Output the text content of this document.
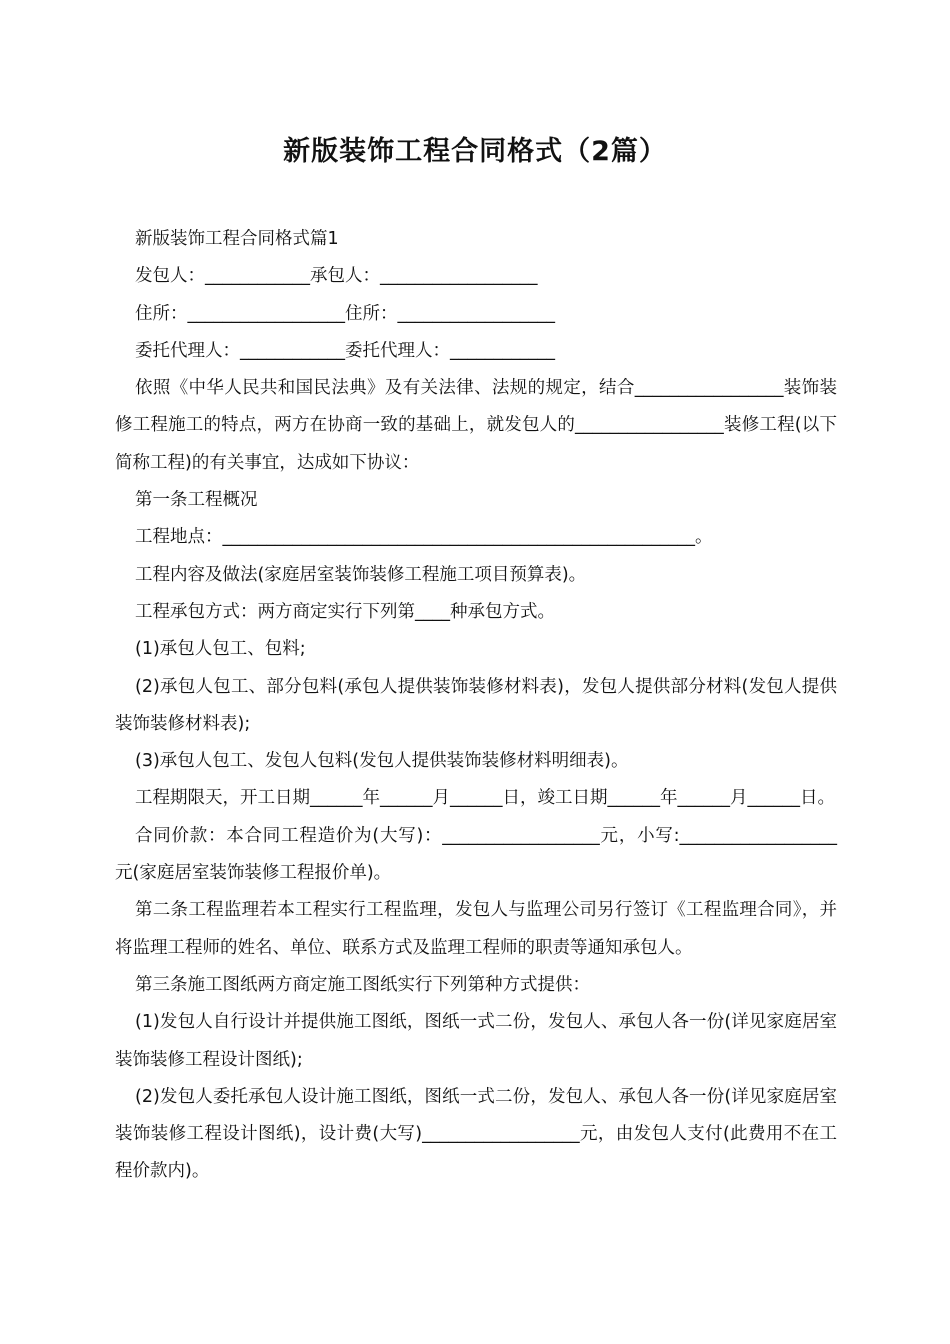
新版装饰工程合同格式（2篇）

新版装饰工程合同格式篇1

发包人：____________承包人：__________________

住所：__________________住所：__________________

委托代理人：____________委托代理人：____________

依照《中华人民共和国民法典》及有关法律、法规的规定，结合_________________装饰装修工程施工的特点，两方在协商一致的基础上，就发包人的_________________装修工程(以下简称工程)的有关事宜，达成如下协议：

第一条工程概况

工程地点：______________________________________________________。

工程内容及做法(家庭居室装饰装修工程施工项目预算表)。

工程承包方式：两方商定实行下列第____种承包方式。

(1)承包人包工、包料;

(2)承包人包工、部分包料(承包人提供装饰装修材料表)，发包人提供部分材料(发包人提供装饰装修材料表);

(3)承包人包工、发包人包料(发包人提供装饰装修材料明细表)。

工程期限天，开工日期______年______月______日，竣工日期______年______月______日。

合同价款：本合同工程造价为(大写)：__________________元，小写:__________________元(家庭居室装饰装修工程报价单)。

第二条工程监理若本工程实行工程监理，发包人与监理公司另行签订《工程监理合同》，并将监理工程师的姓名、单位、联系方式及监理工程师的职责等通知承包人。

第三条施工图纸两方商定施工图纸实行下列第种方式提供：

(1)发包人自行设计并提供施工图纸，图纸一式二份，发包人、承包人各一份(详见家庭居室装饰装修工程设计图纸);

(2)发包人委托承包人设计施工图纸，图纸一式二份，发包人、承包人各一份(详见家庭居室装饰装修工程设计图纸)，设计费(大写)__________________元，由发包人支付(此费用不在工程价款内)。
